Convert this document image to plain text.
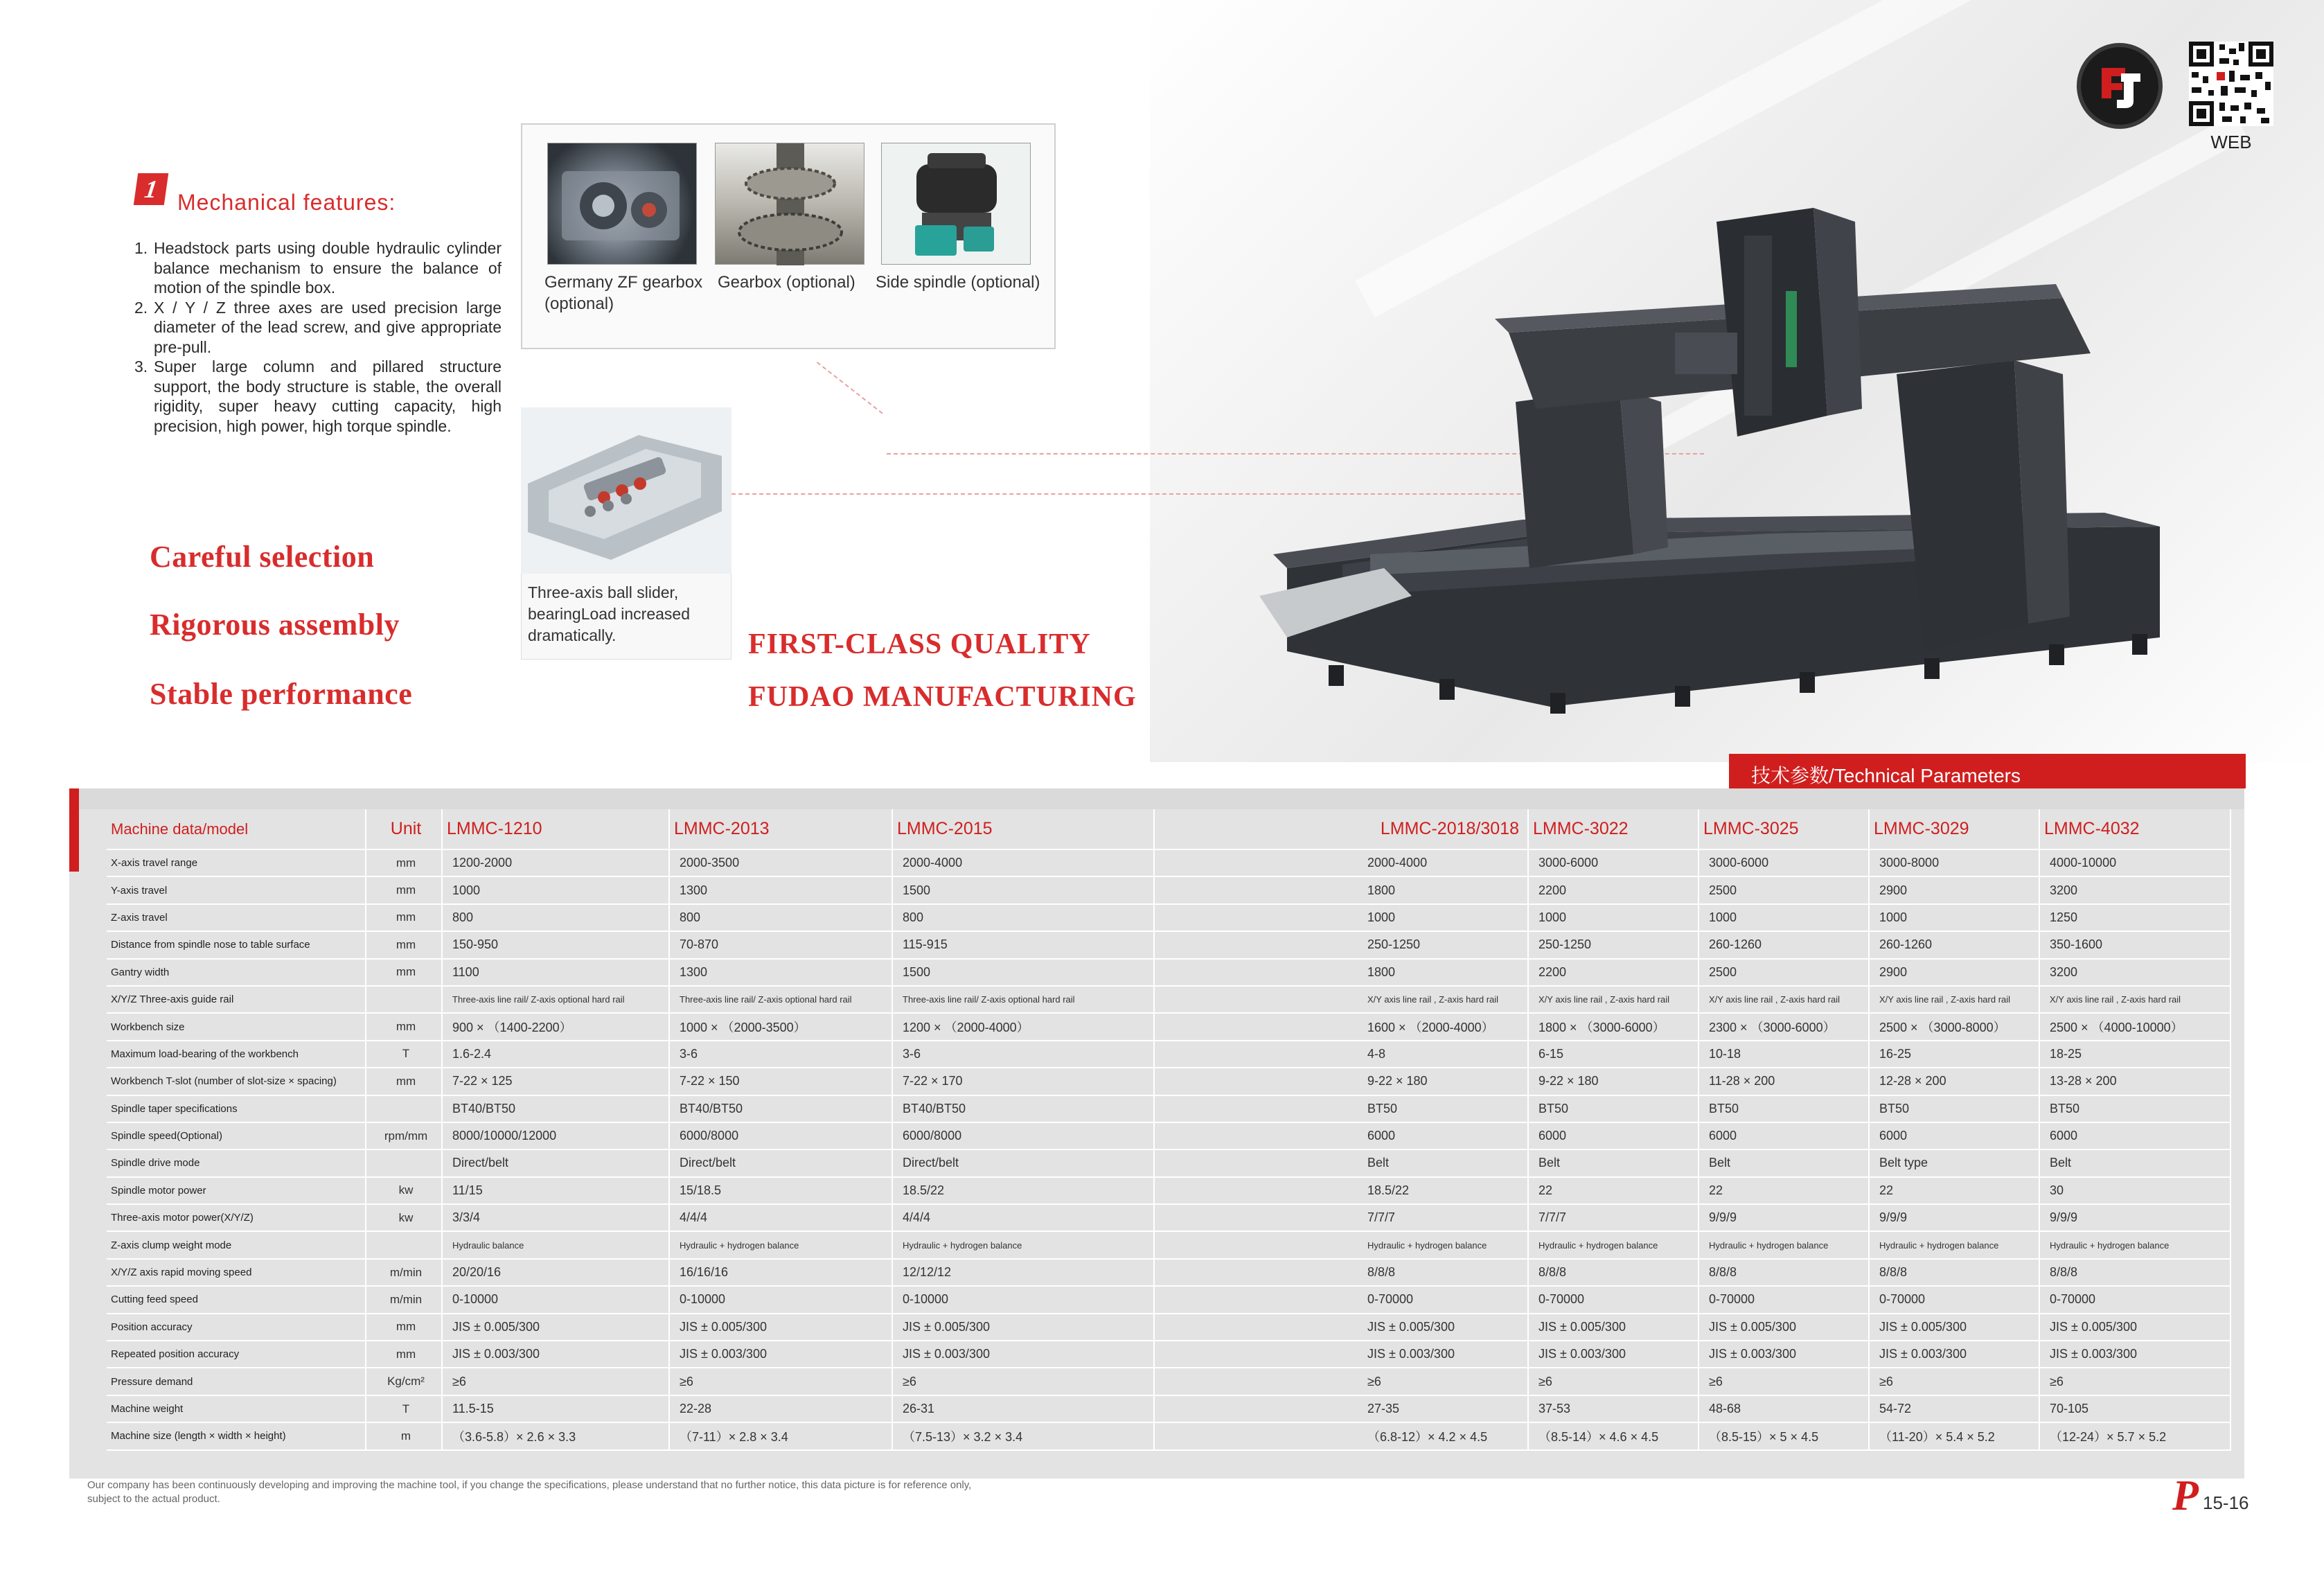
WEB
1 Mechanical features:
1. Headstock parts using double hydraulic cylinder balance mechanism to ensure the balance of motion of the spindle box.
2. X / Y / Z three axes are used precision large diameter of the lead screw, and give appropriate pre-pull.
3. Super large column and pillared structure support, the body structure is stable, the overall rigidity, super heavy cutting capacity, high precision, high power, high torque spindle.
Careful selection
Rigorous assembly
Stable performance
FIRST-CLASS QUALITY
FUDAO MANUFACTURING
Germany ZF gearbox (optional)
Gearbox (optional) Side spindle (optional)
Three-axis ball slider, bearingLoad increased dramatically.
技术参数/Technical Parameters
Machine data/model	Unit	LMMC-1210	LMMC-2013	LMMC-2015		LMMC-2018/3018	LMMC-3022	LMMC-3025	LMMC-3029	LMMC-4032	
X-axis travel range	mm	1200-2000	2000-3500	2000-4000		2000-4000	3000-6000	3000-6000	3000-8000	4000-10000	
Y-axis travel	mm	1000	1300	1500		1800	2200	2500	2900	3200	
Z-axis travel	mm	800	800	800		1000	1000	1000	1000	1250	
Distance from spindle nose to table surface	mm	150-950	70-870	115-915		250-1250	250-1250	260-1260	260-1260	350-1600	
Gantry width	mm	1100	1300	1500		1800	2200	2500	2900	3200	
X/Y/Z Three-axis guide rail		Three-axis line rail/ Z-axis optional hard rail	Three-axis line rail/ Z-axis optional hard rail	Three-axis line rail/ Z-axis optional hard rail		X/Y axis line rail , Z-axis hard rail	X/Y axis line rail , Z-axis hard rail	X/Y axis line rail , Z-axis hard rail	X/Y axis line rail , Z-axis hard rail	X/Y axis line rail , Z-axis hard rail	
Workbench size	mm	900 × （1400-2200）	1000 × （2000-3500）	1200 × （2000-4000）		1600 × （2000-4000）	1800 × （3000-6000）	2300 × （3000-6000）	2500 × （3000-8000）	2500 × （4000-10000）	
Maximum load-bearing of the workbench	T	1.6-2.4	3-6	3-6		4-8	6-15	10-18	16-25	18-25	
Workbench T-slot (number of slot-size × spacing)	mm	7-22 × 125	7-22 × 150	7-22 × 170		9-22 × 180	9-22 × 180	11-28 × 200	12-28 × 200	13-28 × 200	
Spindle taper specifications		BT40/BT50	BT40/BT50	BT40/BT50		BT50	BT50	BT50	BT50	BT50	
Spindle speed(Optional)	rpm/mm	8000/10000/12000	6000/8000	6000/8000		6000	6000	6000	6000	6000	
Spindle drive mode		Direct/belt	Direct/belt	Direct/belt		Belt	Belt	Belt	Belt type	Belt	
Spindle motor power	kw	11/15	15/18.5	18.5/22		18.5/22	22	22	22	30	
Three-axis motor power(X/Y/Z)	kw	3/3/4	4/4/4	4/4/4		7/7/7	7/7/7	9/9/9	9/9/9	9/9/9	
Z-axis clump weight mode		Hydraulic balance	Hydraulic + hydrogen balance	Hydraulic + hydrogen balance		Hydraulic + hydrogen balance	Hydraulic + hydrogen balance	Hydraulic + hydrogen balance	Hydraulic + hydrogen balance	Hydraulic + hydrogen balance	
X/Y/Z axis rapid moving speed	m/min	20/20/16	16/16/16	12/12/12		8/8/8	8/8/8	8/8/8	8/8/8	8/8/8	
Cutting feed speed	m/min	0-10000	0-10000	0-10000		0-70000	0-70000	0-70000	0-70000	0-70000	
Position accuracy	mm	JIS ± 0.005/300	JIS ± 0.005/300	JIS ± 0.005/300		JIS ± 0.005/300	JIS ± 0.005/300	JIS ± 0.005/300	JIS ± 0.005/300	JIS ± 0.005/300	
Repeated position accuracy	mm	JIS ± 0.003/300	JIS ± 0.003/300	JIS ± 0.003/300		JIS ± 0.003/300	JIS ± 0.003/300	JIS ± 0.003/300	JIS ± 0.003/300	JIS ± 0.003/300	
Pressure demand	Kg/cm²	≥6	≥6	≥6		≥6	≥6	≥6	≥6	≥6	
Machine weight	T	11.5-15	22-28	26-31		27-35	37-53	48-68	54-72	70-105	
Machine size (length × width × height)	m	（3.6-5.8）× 2.6 × 3.3	（7-11）× 2.8 × 3.4	（7.5-13）× 3.2 × 3.4		（6.8-12）× 4.2 × 4.5	（8.5-14）× 4.6 × 4.5	（8.5-15）× 5 × 4.5	（11-20）× 5.4 × 5.2	（12-24）× 5.7 × 5.2	
Our company has been continuously developing and improving the machine tool, if you change the specifications, please understand that no further notice, this data picture is for reference only, subject to the actual product.	P 15-16
